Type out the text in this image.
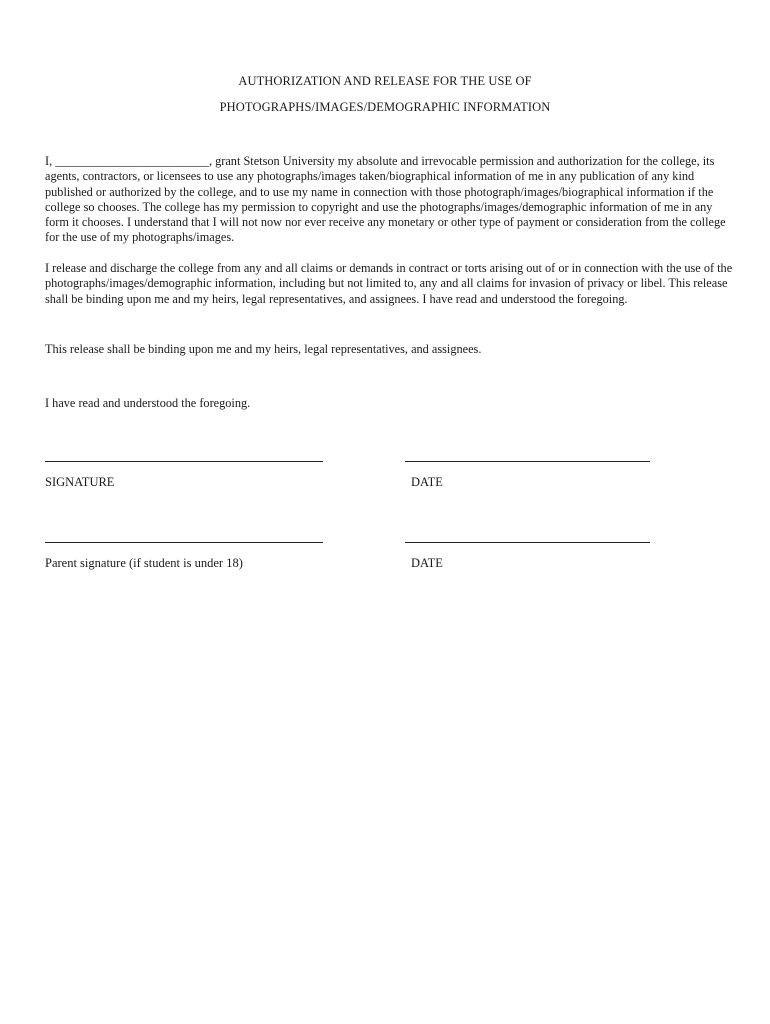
AUTHORIZATION AND RELEASE FOR THE USE OF
PHOTOGRAPHS/IMAGES/DEMOGRAPHIC INFORMATION
I, _________________________, grant Stetson University my absolute and irrevocable permission and authorization for the college, its agents, contractors, or licensees to use any photographs/images taken/biographical information of me in any publication of any kind published or authorized by the college, and to use my name in connection with those photograph/images/biographical information if the college so chooses. The college has my permission to copyright and use the photographs/images/demographic information of me in any form it chooses. I understand that I will not now nor ever receive any monetary or other type of payment or consideration from the college for the use of my photographs/images.
I release and discharge the college from any and all claims or demands in contract or torts arising out of or in connection with the use of the photographs/images/demographic information, including but not limited to, any and all claims for invasion of privacy or libel. This release shall be binding upon me and my heirs, legal representatives, and assignees. I have read and understood the foregoing.
This release shall be binding upon me and my heirs, legal representatives, and assignees.
I have read and understood the foregoing.
SIGNATURE	DATE
Parent signature (if student is under 18)	DATE
